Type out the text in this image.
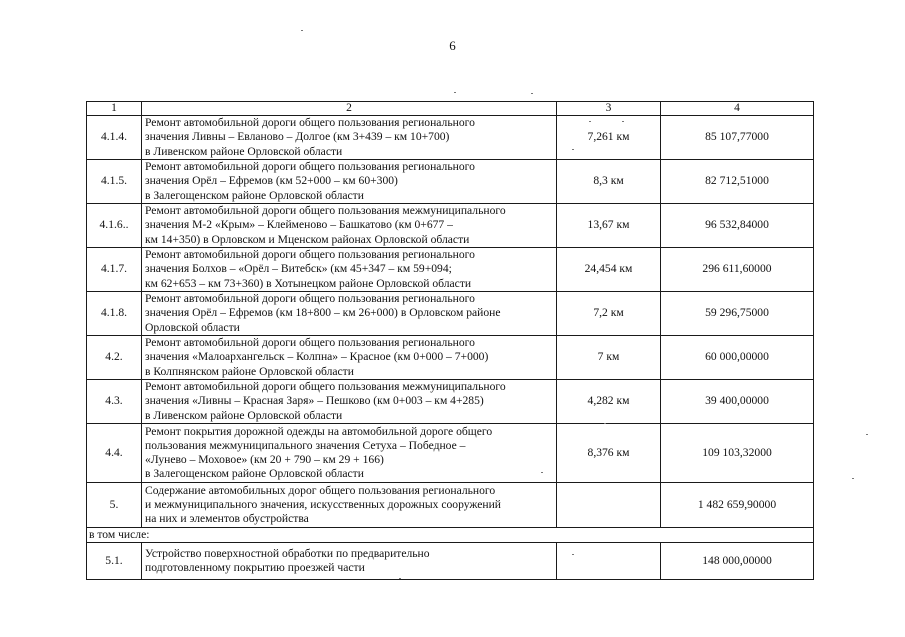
6
1	2	3	4
4.1.4.	Ремонт автомобильной дороги общего пользования регионального
значения Ливны – Евланово – Долгое (км 3+439 – км 10+700)
в Ливенском районе Орловской области	7,261 км	85 107,77000
4.1.5.	Ремонт автомобильной дороги общего пользования регионального
значения Орёл – Ефремов (км 52+000 – км 60+300)
в Залегощенском районе Орловской области	8,3 км	82 712,51000
4.1.6..	Ремонт автомобильной дороги общего пользования межмуниципального
значения М-2 «Крым» – Клейменово – Башкатово (км 0+677 –
км 14+350) в Орловском и Мценском районах Орловской области	13,67 км	96 532,84000
4.1.7.	Ремонт автомобильной дороги общего пользования регионального
значения Болхов – «Орёл – Витебск» (км 45+347 – км 59+094;
км 62+653 – км 73+360) в Хотынецком районе Орловской области	24,454 км	296 611,60000
4.1.8.	Ремонт автомобильной дороги общего пользования регионального
значения Орёл – Ефремов (км 18+800 – км 26+000) в Орловском районе
Орловской области	7,2 км	59 296,75000
4.2.	Ремонт автомобильной дороги общего пользования регионального
значения «Малоархангельск – Колпна» – Красное (км 0+000 – 7+000)
в Колпнянском районе Орловской области	7 км	60 000,00000
4.3.	Ремонт автомобильной дороги общего пользования межмуниципального
значения «Ливны – Красная Заря» – Пешково (км 0+003 – км 4+285)
в Ливенском районе Орловской области	4,282 км	39 400,00000
4.4.	Ремонт покрытия дорожной одежды на автомобильной дороге общего
пользования межмуниципального значения Сетуха – Победное –
«Лунево – Моховое» (км 20 + 790 – км 29 + 166)
в Залегощенском районе Орловской области	8,376 км	109 103,32000
5.	Содержание автомобильных дорог общего пользования регионального
и межмуниципального значения, искусственных дорожных сооружений
на них и элементов обустройства		1 482 659,90000
в том числе:			
5.1.	Устройство поверхностной обработки по предварительно
подготовленному покрытию проезжей части		148 000,00000
